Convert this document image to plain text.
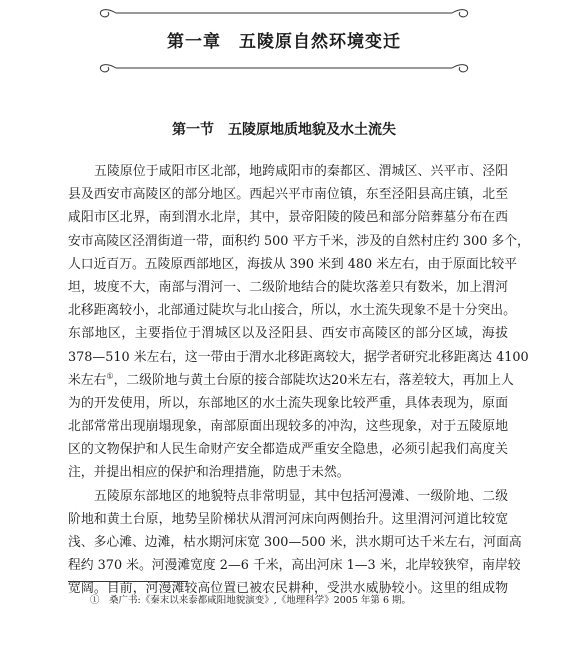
第一章　五陵原自然环境变迁
第一节　五陵原地质地貌及水土流失
五陵原位于咸阳市区北部，地跨咸阳市的秦都区、渭城区、兴平市、泾阳
县及西安市高陵区的部分地区。西起兴平市南位镇，东至泾阳县高庄镇，北至
咸阳市区北界，南到渭水北岸，其中，景帝阳陵的陵邑和部分陪葬墓分布在西
安市高陵区泾渭街道一带，面积约 500 平方千米，涉及的自然村庄约 300 多个，
人口近百万。五陵原西部地区，海拔从 390 米到 480 米左右，由于原面比较平
坦，坡度不大，南部与渭河一、二级阶地结合的陡坎落差只有数米，加上渭河
北移距离较小，北部通过陡坎与北山接合，所以，水土流失现象不是十分突出。
东部地区，主要指位于渭城区以及泾阳县、西安市高陵区的部分区域，海拔
378—510 米左右，这一带由于渭水北移距离较大，据学者研究北移距离达 4100
米左右①，二级阶地与黄土台原的接合部陡坎达20米左右，落差较大，再加上人
为的开发使用，所以，东部地区的水土流失现象比较严重，具体表现为，原面
北部常常出现崩塌现象，南部原面出现较多的冲沟，这些现象，对于五陵原地
区的文物保护和人民生命财产安全都造成严重安全隐患，必须引起我们高度关
注，并提出相应的保护和治理措施，防患于未然。
五陵原东部地区的地貌特点非常明显，其中包括河漫滩、一级阶地、二级
阶地和黄土台原，地势呈阶梯状从渭河河床向两侧抬升。这里渭河河道比较宽
浅、多心滩、边滩，枯水期河床宽 300—500 米，洪水期可达千米左右，河面高
程约 370 米。河漫滩宽度 2—6 千米，高出河床 1—3 米，北岸较狭窄，南岸较
宽阔。目前，河漫滩较高位置已被农民耕种，受洪水威胁较小。这里的组成物
①　桑广书:《秦末以来泰都咸阳地貌演变》,《地理科学》2005 年第 6 期。
